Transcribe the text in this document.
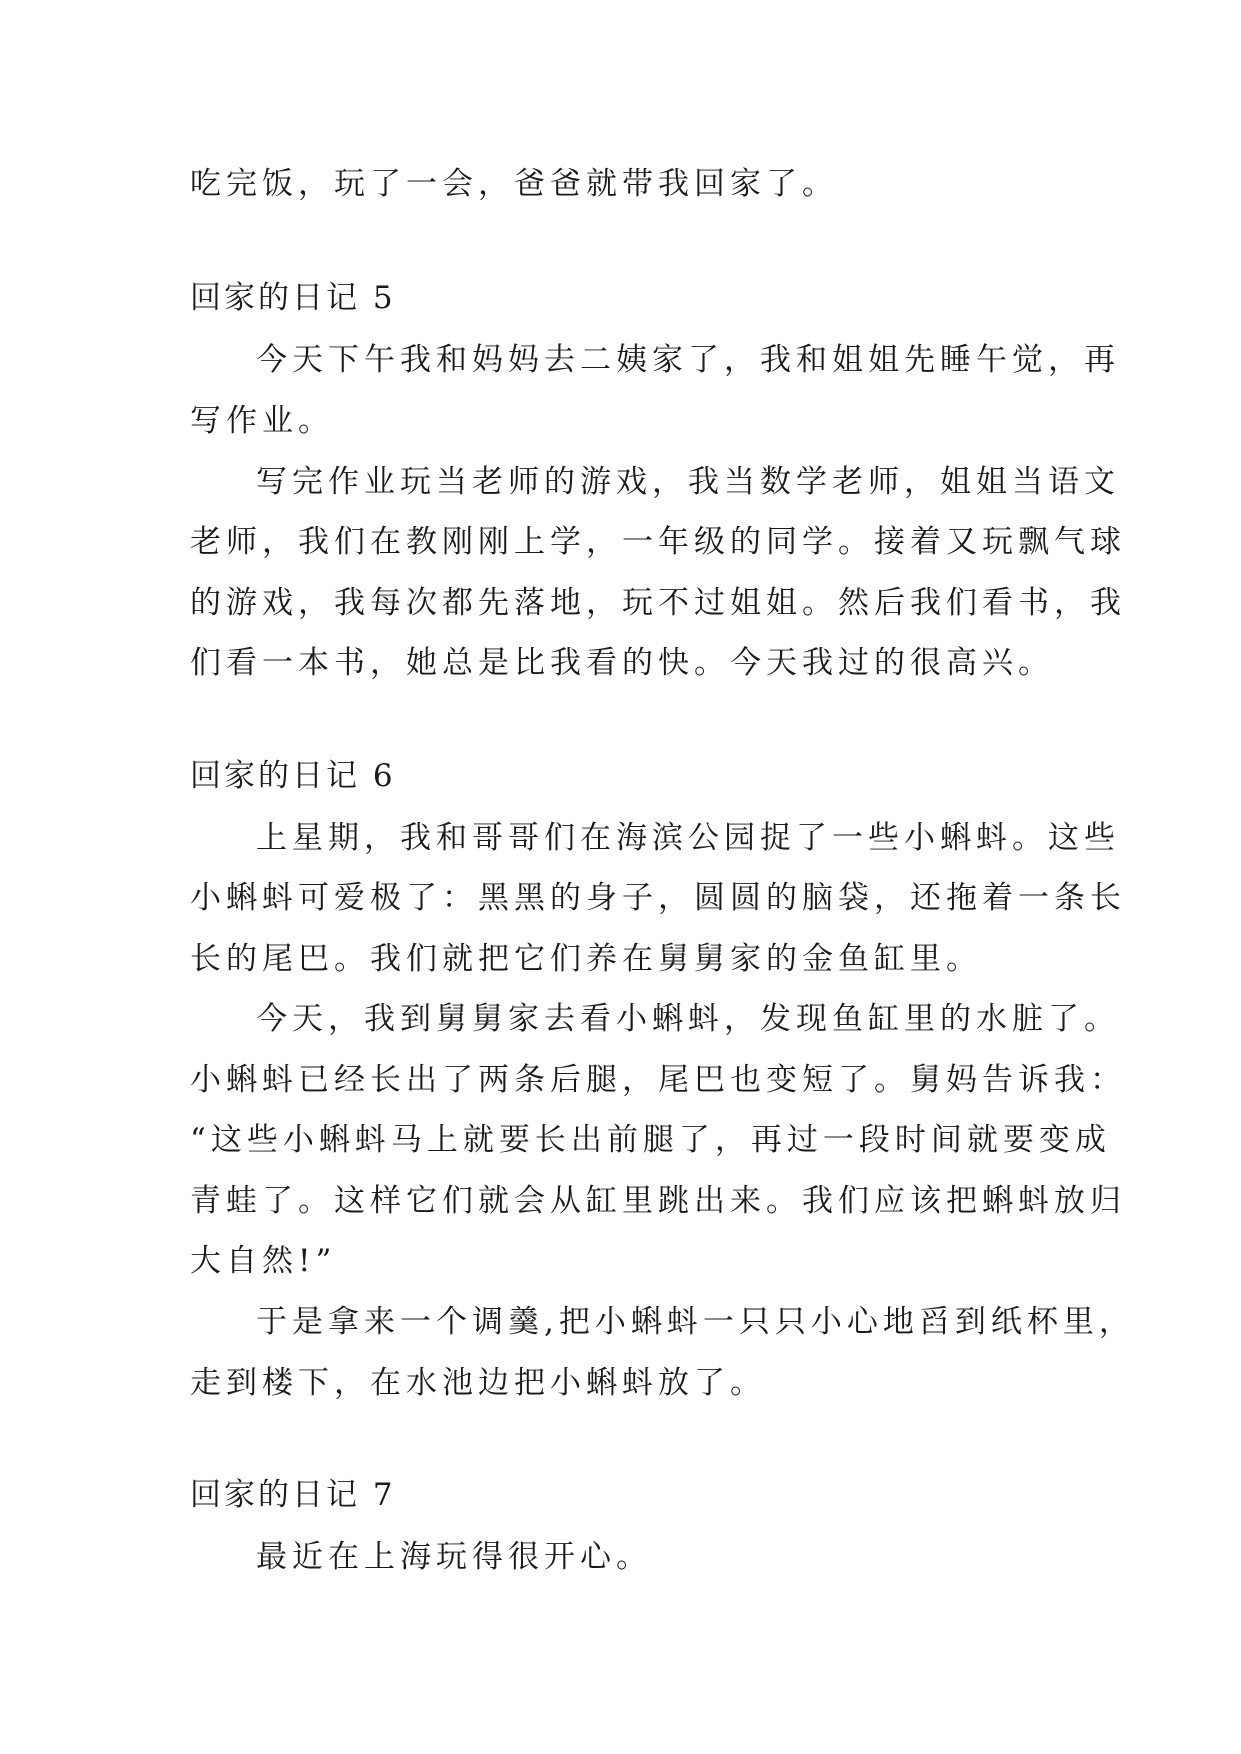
吃完饭，玩了一会，爸爸就带我回家了。

回家的日记 5

今天下午我和妈妈去二姨家了，我和姐姐先睡午觉，再

写作业。

写完作业玩当老师的游戏，我当数学老师，姐姐当语文

老师，我们在教刚刚上学，一年级的同学。接着又玩飘气球

的游戏，我每次都先落地，玩不过姐姐。然后我们看书，我

们看一本书，她总是比我看的快。今天我过的很高兴。

回家的日记 6

上星期，我和哥哥们在海滨公园捉了一些小蝌蚪。这些

小蝌蚪可爱极了：黑黑的身子，圆圆的脑袋，还拖着一条长

长的尾巴。我们就把它们养在舅舅家的金鱼缸里。

今天，我到舅舅家去看小蝌蚪，发现鱼缸里的水脏了。

小蝌蚪已经长出了两条后腿，尾巴也变短了。舅妈告诉我：

“这些小蝌蚪马上就要长出前腿了，再过一段时间就要变成

青蛙了。这样它们就会从缸里跳出来。我们应该把蝌蚪放归

大自然!”

于是拿来一个调羹,把小蝌蚪一只只小心地舀到纸杯里，

走到楼下，在水池边把小蝌蚪放了。

回家的日记 7

最近在上海玩得很开心。
